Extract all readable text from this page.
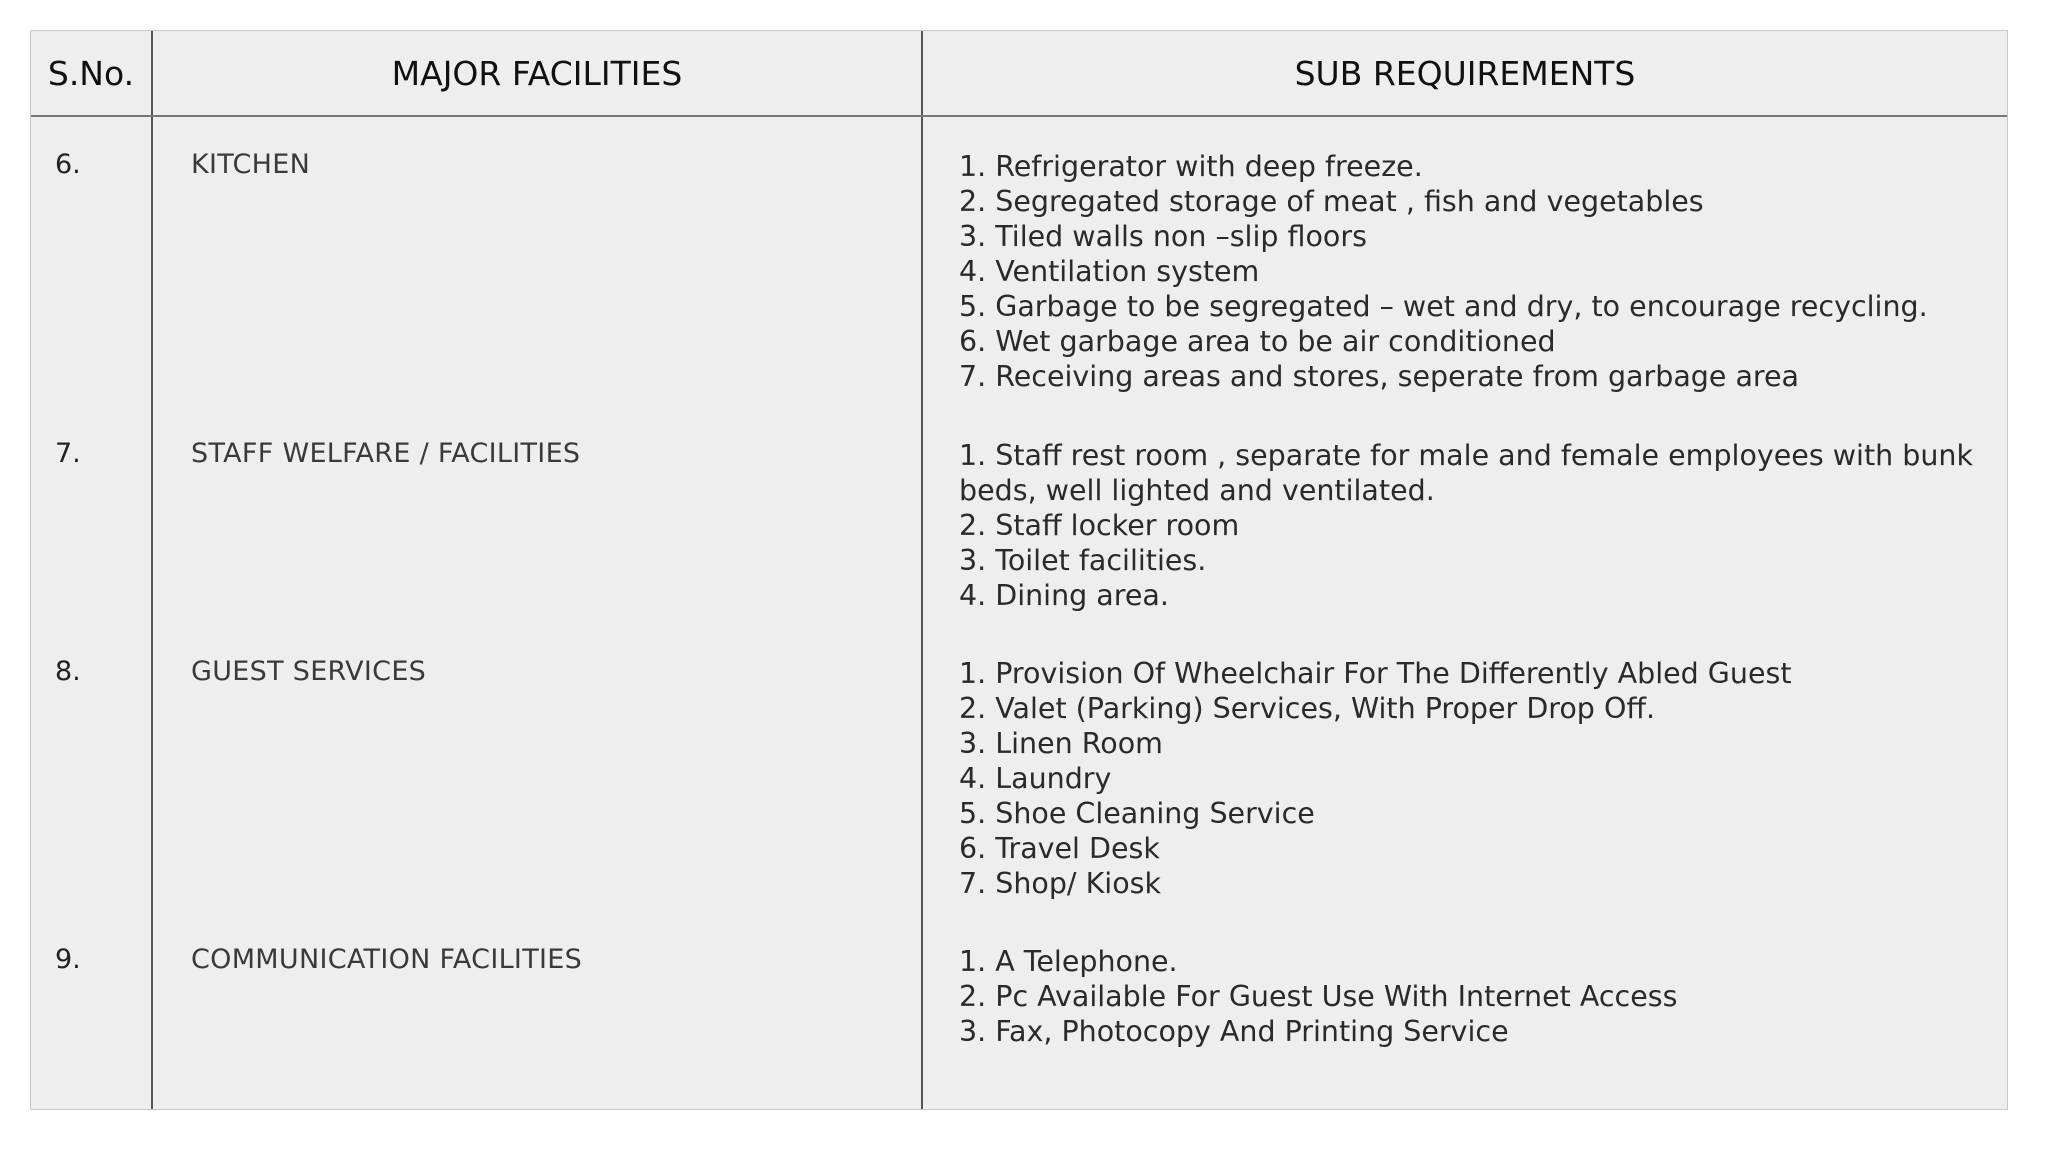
S.No.	MAJOR FACILITIES	SUB REQUIREMENTS
6.	KITCHEN	1. Refrigerator with deep freeze.
2. Segregated storage of meat , fish and vegetables
3. Tiled walls non –slip floors
4. Ventilation system
5. Garbage to be segregated – wet and dry, to encourage recycling.
6. Wet garbage area to be air conditioned
7. Receiving areas and stores, seperate from garbage area
7.	STAFF WELFARE / FACILITIES	1. Staff rest room , separate for male and female employees with bunk beds, well lighted and ventilated.
2. Staff locker room
3. Toilet facilities.
4. Dining area.
8.	GUEST SERVICES	1. Provision Of Wheelchair For The Differently Abled Guest
2. Valet (Parking) Services, With Proper Drop Off.
3. Linen Room
4. Laundry
5. Shoe Cleaning Service
6. Travel Desk
7. Shop/ Kiosk
9.	COMMUNICATION FACILITIES	1. A Telephone.
2. Pc Available For Guest Use With Internet Access
3. Fax, Photocopy And Printing Service
